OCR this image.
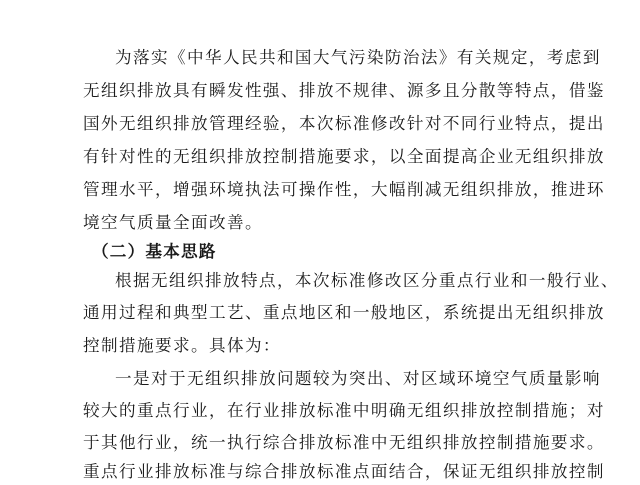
为落实《中华人民共和国大气污染防治法》有关规定，考虑到
无组织排放具有瞬发性强、排放不规律、源多且分散等特点，借鉴
国外无组织排放管理经验，本次标准修改针对不同行业特点，提出
有针对性的无组织排放控制措施要求，以全面提高企业无组织排放
管理水平，增强环境执法可操作性，大幅削减无组织排放，推进环
境空气质量全面改善。
（二）基本思路
根据无组织排放特点，本次标准修改区分重点行业和一般行业、
通用过程和典型工艺、重点地区和一般地区，系统提出无组织排放
控制措施要求。具体为：
一是对于无组织排放问题较为突出、对区域环境空气质量影响
较大的重点行业，在行业排放标准中明确无组织排放控制措施；对
于其他行业，统一执行综合排放标准中无组织排放控制措施要求。
重点行业排放标准与综合排放标准点面结合，保证无组织排放控制
